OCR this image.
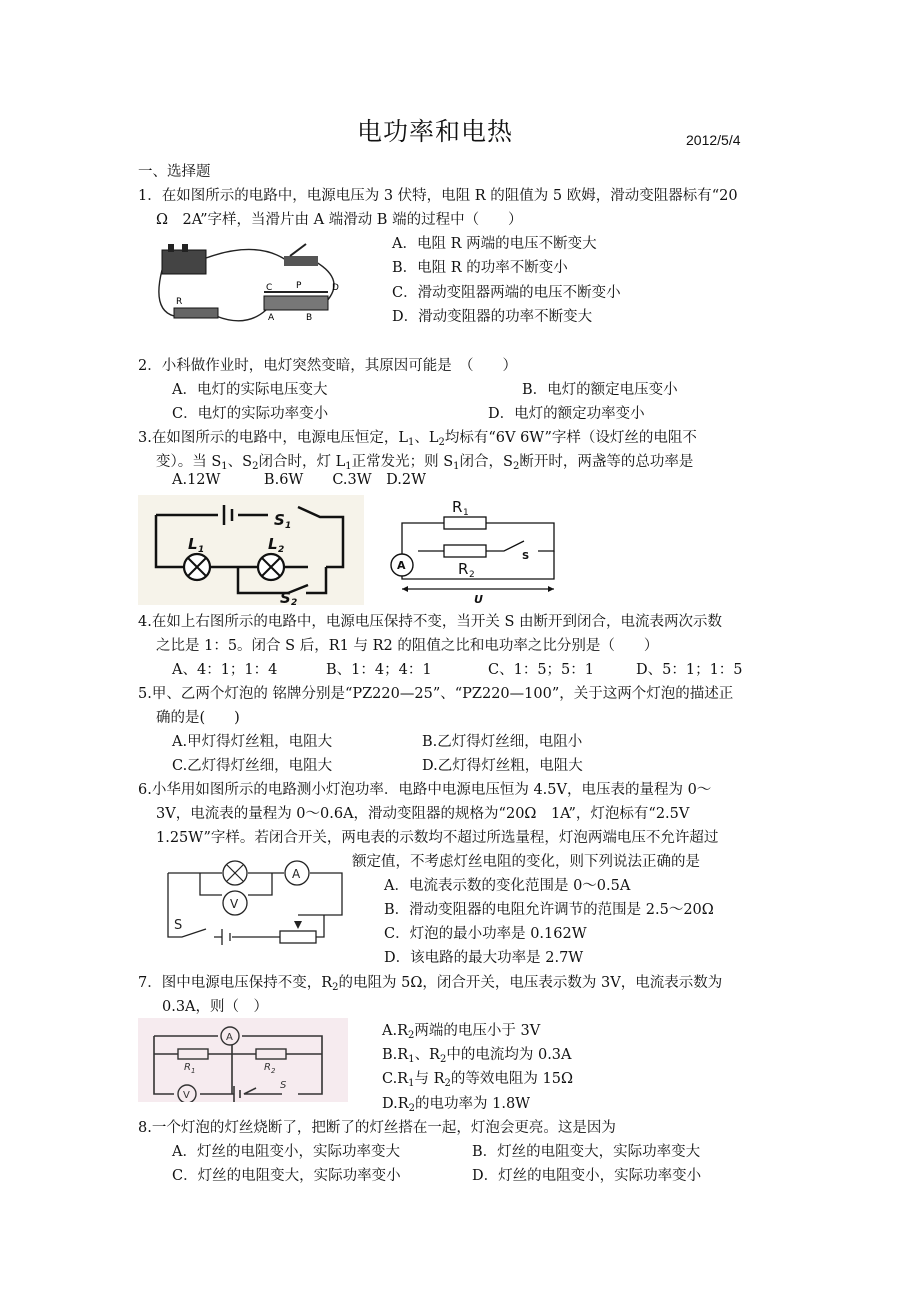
电功率和电热	2012/5/4
一、选择题
1．在如图所示的电路中，电源电压为 3 伏特，电阻 R 的阻值为 5 欧姆，滑动变阻器标有“20
Ω　2A”字样，当滑片由 A 端滑动 B 端的过程中（　　）
A．电阻 R 两端的电压不断变大
B．电阻 R 的功率不断变小
C．滑动变阻器两端的电压不断变小
D．滑动变阻器的功率不断变大
R
C	P	D
A	B
2．小科做作业时，电灯突然变暗，其原因可能是　（　　）
A．电灯的实际电压变大	B．电灯的额定电压变小
C．电灯的实际功率变小	D．电灯的额定功率变小
3.在如图所示的电路中，电源电压恒定，$L_1$、$L_2$均标有“6V 6W”字样（设灯丝的电阻不
变）。当 $S_1$、$S_2$闭合时，灯 $L_1$正常发光；则 $S_1$闭合，$S_2$断开时，两盏等的总功率是
A.12W　　　B.6W　　C.3W　D.2W
S 1
L 1	L 2
S 2
R 1
R 2
A
S
U
4.在如上右图所示的电路中，电源电压保持不变，当开关 S 由断开到闭合，电流表两次示数
之比是 1：5。闭合 S 后，R1 与 R2 的阻值之比和电功率之比分别是（　　）
A、4：1；1：4	B、1：4；4：1	C、1：5；5：1	D、5：1；1：5
5.甲、乙两个灯泡的 铭牌分别是“PZ220—25”、“PZ220—100”，关于这两个灯泡的描述正
确的是(　　)
A.甲灯得灯丝粗，电阻大	B.乙灯得灯丝细，电阻小
C.乙灯得灯丝细，电阻大	D.乙灯得灯丝粗，电阻大
6.小华用如图所示的电路测小灯泡功率．电路中电源电压恒为 4.5V，电压表的量程为 0～
3V，电流表的量程为 0～0.6A，滑动变阻器的规格为“20Ω　1A”，灯泡标有“2.5V
1.25W”字样。若闭合开关，两电表的示数均不超过所选量程，灯泡两端电压不允许超过
额定值，不考虑灯丝电阻的变化，则下列说法正确的是
A．电流表示数的变化范围是 0～0.5A
B．滑动变阻器的电阻允许调节的范围是 2.5～20Ω
C．灯泡的最小功率是 0.162W
D．该电路的最大功率是 2.7W
A
V
S
7．图中电源电压保持不变，$R_2$的电阻为 5Ω，闭合开关，电压表示数为 3V，电流表示数为
0.3A，则（　）
$A.R_2$两端的电压小于 3V
$B.R_1$、$R_2$中的电流均为 0.3A
$C.R_1$与 $R_2$的等效电阻为 15Ω
$D.R_2$的电功率为 1.8W
A
V
R 1	R 2
S
8.一个灯泡的灯丝烧断了，把断了的灯丝搭在一起，灯泡会更亮。这是因为
A．灯丝的电阻变小，实际功率变大	B．灯丝的电阻变大，实际功率变大
C．灯丝的电阻变大，实际功率变小	D．灯丝的电阻变小，实际功率变小
